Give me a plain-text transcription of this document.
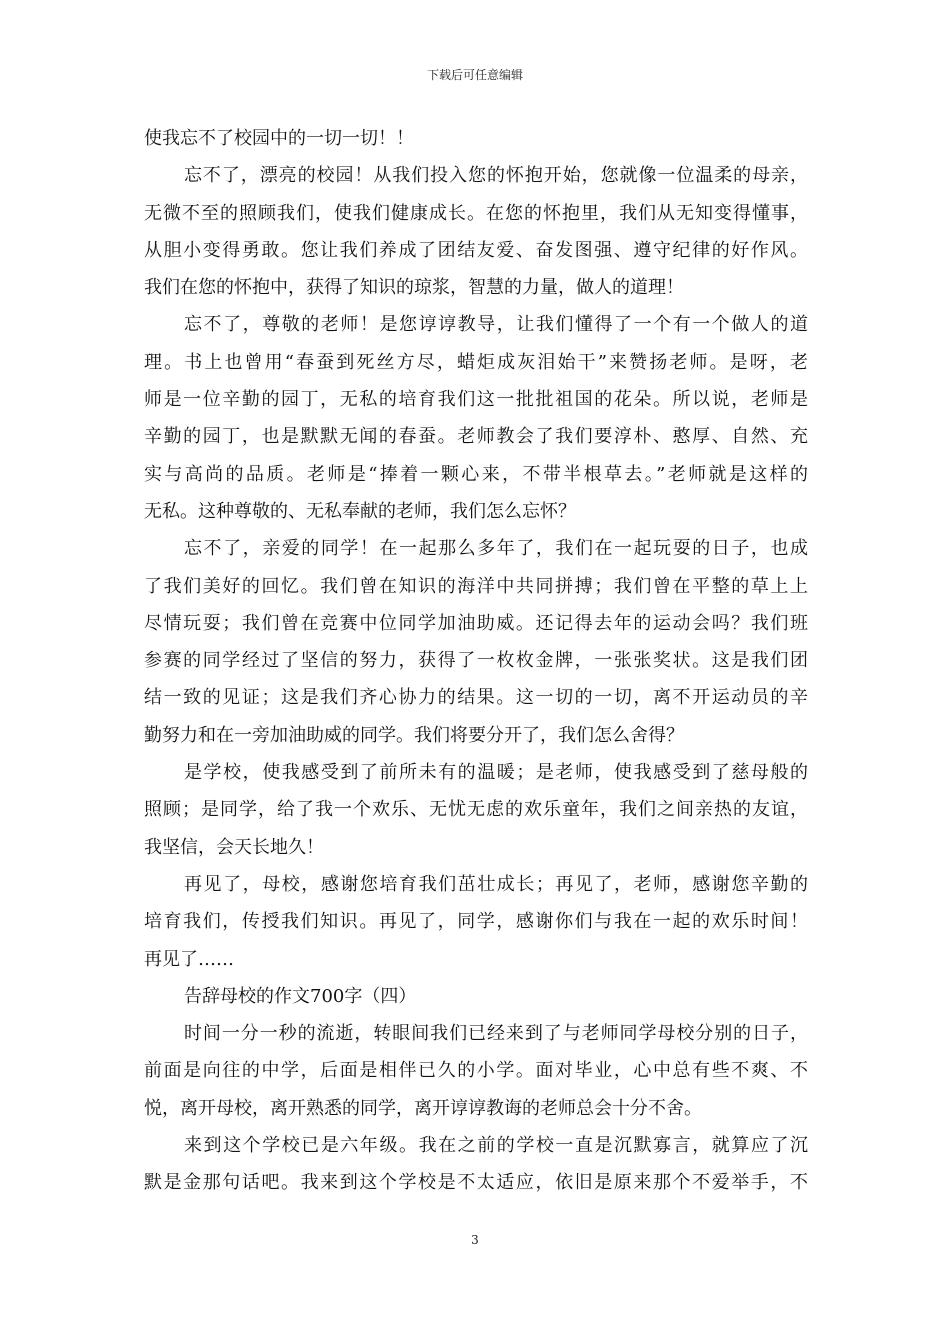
下载后可任意编辑
使我忘不了校园中的一切一切！！
忘不了，漂亮的校园！从我们投入您的怀抱开始，您就像一位温柔的母亲，
无微不至的照顾我们，使我们健康成长。在您的怀抱里，我们从无知变得懂事，
从胆小变得勇敢。您让我们养成了团结友爱、奋发图强、遵守纪律的好作风。
我们在您的怀抱中，获得了知识的琼浆，智慧的力量，做人的道理！
忘不了，尊敬的老师！是您谆谆教导，让我们懂得了一个有一个做人的道
理。书上也曾用“春蚕到死丝方尽，蜡炬成灰泪始干”来赞扬老师。是呀，老
师是一位辛勤的园丁，无私的培育我们这一批批祖国的花朵。所以说，老师是
辛勤的园丁，也是默默无闻的春蚕。老师教会了我们要淳朴、憨厚、自然、充
实与高尚的品质。老师是“捧着一颗心来，不带半根草去。”老师就是这样的
无私。这种尊敬的、无私奉献的老师，我们怎么忘怀？
忘不了，亲爱的同学！在一起那么多年了，我们在一起玩耍的日子，也成
了我们美好的回忆。我们曾在知识的海洋中共同拼搏；我们曾在平整的草上上
尽情玩耍；我们曾在竞赛中位同学加油助威。还记得去年的运动会吗？我们班
参赛的同学经过了坚信的努力，获得了一枚枚金牌，一张张奖状。这是我们团
结一致的见证；这是我们齐心协力的结果。这一切的一切，离不开运动员的辛
勤努力和在一旁加油助威的同学。我们将要分开了，我们怎么舍得？
是学校，使我感受到了前所未有的温暖；是老师，使我感受到了慈母般的
照顾；是同学，给了我一个欢乐、无忧无虑的欢乐童年，我们之间亲热的友谊，
我坚信，会天长地久！
再见了，母校，感谢您培育我们茁壮成长；再见了，老师，感谢您辛勤的
培育我们，传授我们知识。再见了，同学，感谢你们与我在一起的欢乐时间！
再见了……
告辞母校的作文700字（四）
时间一分一秒的流逝，转眼间我们已经来到了与老师同学母校分别的日子，
前面是向往的中学，后面是相伴已久的小学。面对毕业，心中总有些不爽、不
悦，离开母校，离开熟悉的同学，离开谆谆教诲的老师总会十分不舍。
来到这个学校已是六年级。我在之前的学校一直是沉默寡言，就算应了沉
默是金那句话吧。我来到这个学校是不太适应，依旧是原来那个不爱举手，不
3
